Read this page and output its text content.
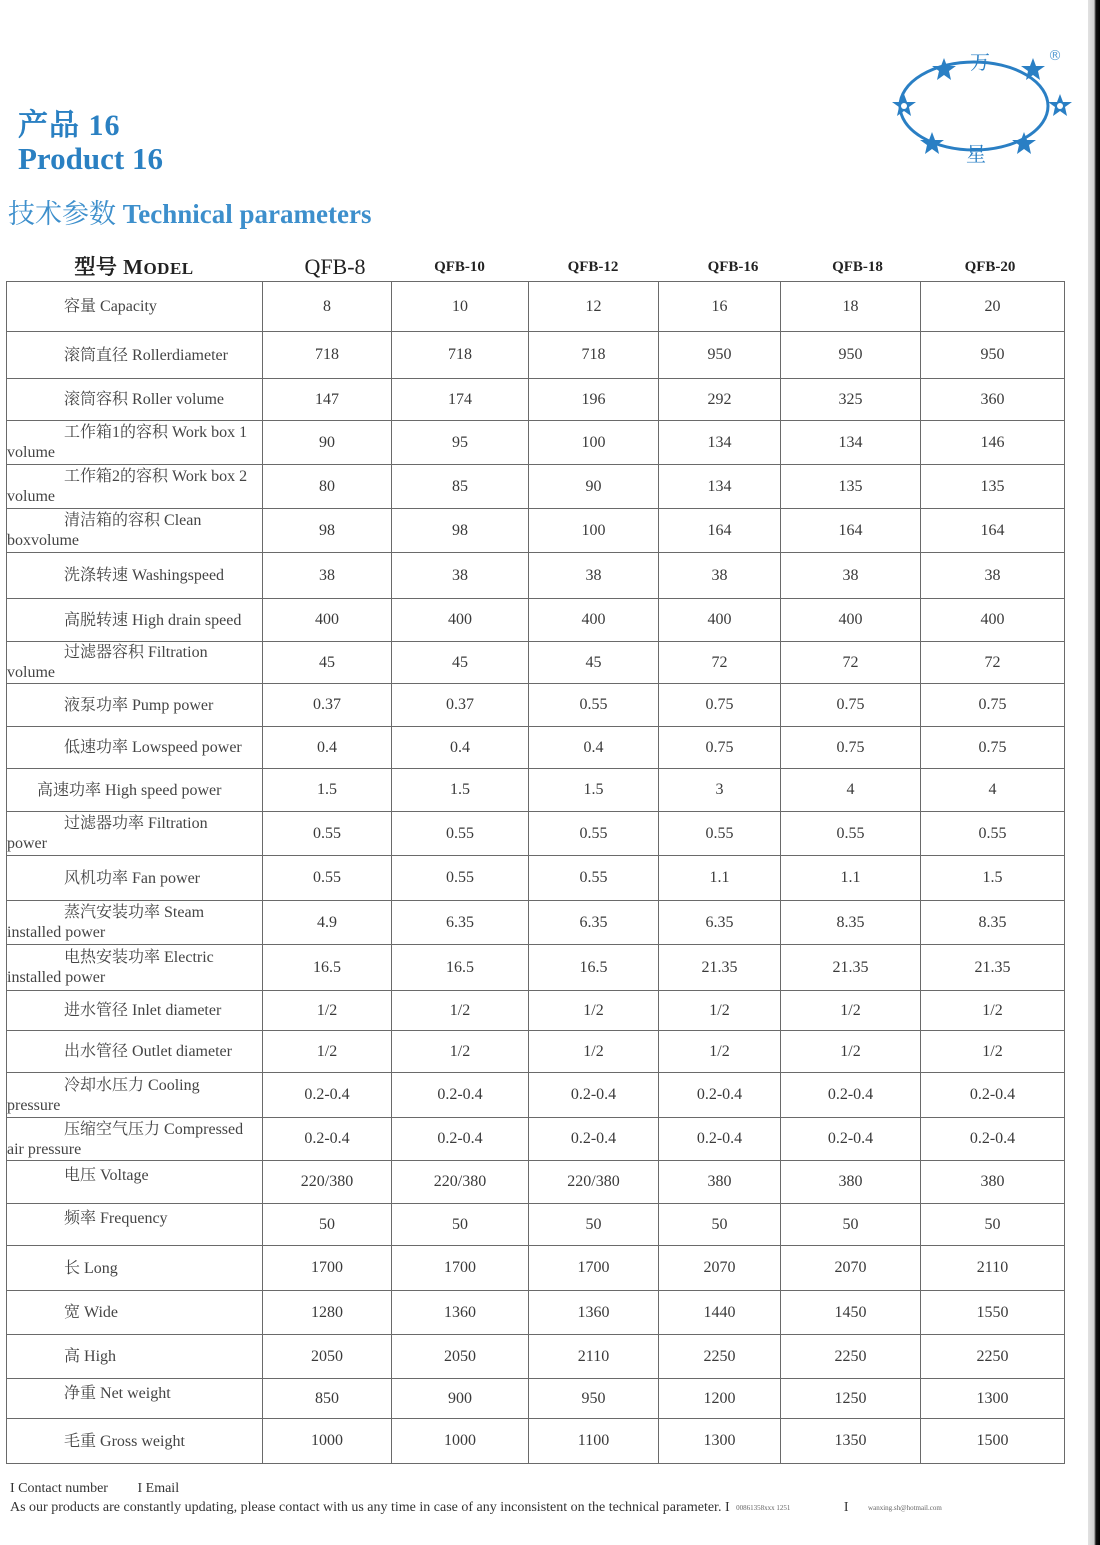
产品 16
Product 16
技术参数 Technical parameters
万
星
®
型号 MODEL	QFB-8	QFB-10	QFB-12	QFB-16	QFB-18	QFB-20
容量 Capacity	8	10	12	16	18	20
滚筒直径 Rollerdiameter	718	718	718	950	950	950
滚筒容积 Roller volume	147	174	196	292	325	360
工作箱1的容积 Work box 1
volume	90	95	100	134	134	146
工作箱2的容积 Work box 2
volume	80	85	90	134	135	135
清洁箱的容积 Clean
boxvolume	98	98	100	164	164	164
洗涤转速 Washingspeed	38	38	38	38	38	38
高脱转速 High drain speed	400	400	400	400	400	400
过滤器容积 Filtration
volume	45	45	45	72	72	72
液泵功率 Pump power	0.37	0.37	0.55	0.75	0.75	0.75
低速功率 Lowspeed power	0.4	0.4	0.4	0.75	0.75	0.75
高速功率 High speed power	1.5	1.5	1.5	3	4	4
过滤器功率 Filtration
power	0.55	0.55	0.55	0.55	0.55	0.55
风机功率 Fan power	0.55	0.55	0.55	1.1	1.1	1.5
蒸汽安装功率 Steam
installed power	4.9	6.35	6.35	6.35	8.35	8.35
电热安装功率 Electric
installed power	16.5	16.5	16.5	21.35	21.35	21.35
进水管径 Inlet diameter	1/2	1/2	1/2	1/2	1/2	1/2
出水管径 Outlet diameter	1/2	1/2	1/2	1/2	1/2	1/2
冷却水压力 Cooling
pressure	0.2-0.4	0.2-0.4	0.2-0.4	0.2-0.4	0.2-0.4	0.2-0.4
压缩空气压力 Compressed
air pressure	0.2-0.4	0.2-0.4	0.2-0.4	0.2-0.4	0.2-0.4	0.2-0.4
电压 Voltage	220/380	220/380	220/380	380	380	380
频率 Frequency	50	50	50	50	50	50
长 Long	1700	1700	1700	2070	2070	2110
宽 Wide	1280	1360	1360	1440	1450	1550
高 High	2050	2050	2110	2250	2250	2250
净重 Net weight	850	900	950	1200	1250	1300
毛重 Gross weight	1000	1000	1100	1300	1350	1500
I Contact number I Email
As our products are constantly updating, please contact with us any time in case of any inconsistent on the technical parameter. I 00861358xxx 1251	I	wanxing.sh@hotmail.com
